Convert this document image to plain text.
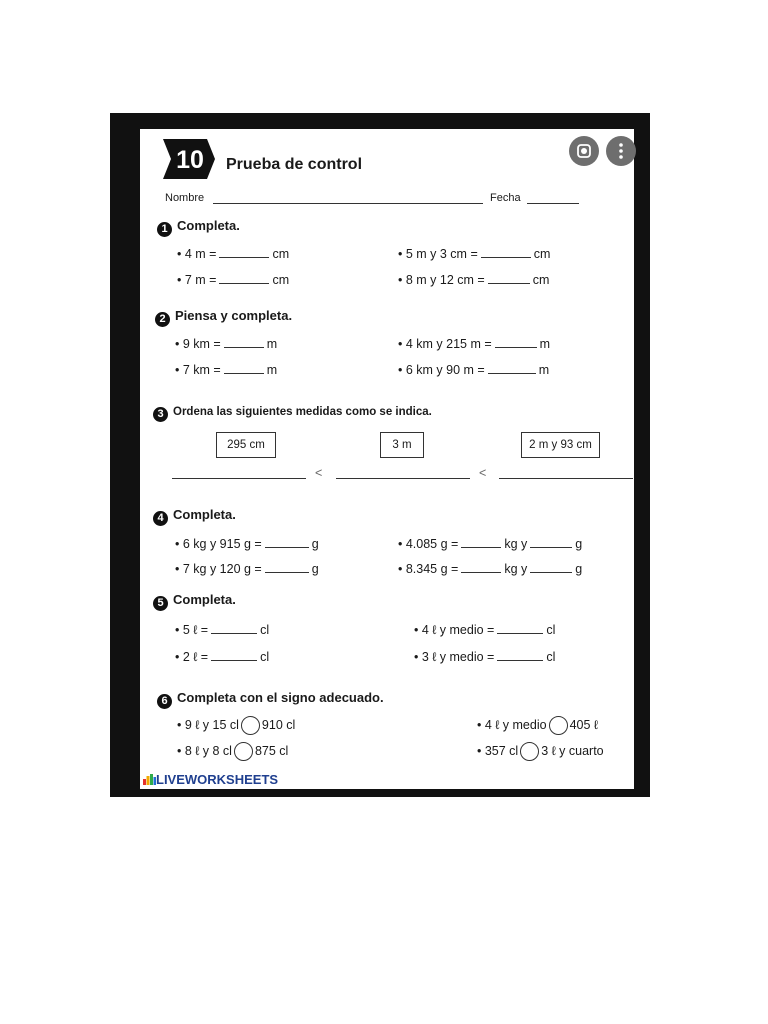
10 Prueba de control
Nombre	Fecha
1 Completa.
• 4 m =	cm	• 5 m y 3 cm =	cm
• 7 m =	cm	• 8 m y 12 cm =	cm
2 Piensa y completa.
• 9 km =	m	• 4 km y 215 m =	m
• 7 km =	m	• 6 km y 90 m =	m
3 Ordena las siguientes medidas como se indica.
295 cm	3 m	2 m y 93 cm
<	<
4 Completa.
• 6 kg y 915 g =	g	• 4.085 g =	kg y	g
• 7 kg y 120 g =	g	• 8.345 g =	kg y	g
5 Completa.
• 5 ℓ =	cl	• 4 ℓ y medio =	cl
• 2 ℓ =	cl	• 3 ℓ y medio =	cl
6 Completa con el signo adecuado.
• 9 ℓ y 15 cl 910 cl	• 4 ℓ y medio 405 ℓ
• 8 ℓ y 8 cl 875 cl	• 357 cl 3 ℓ y cuarto
LIVEWORKSHEETS
